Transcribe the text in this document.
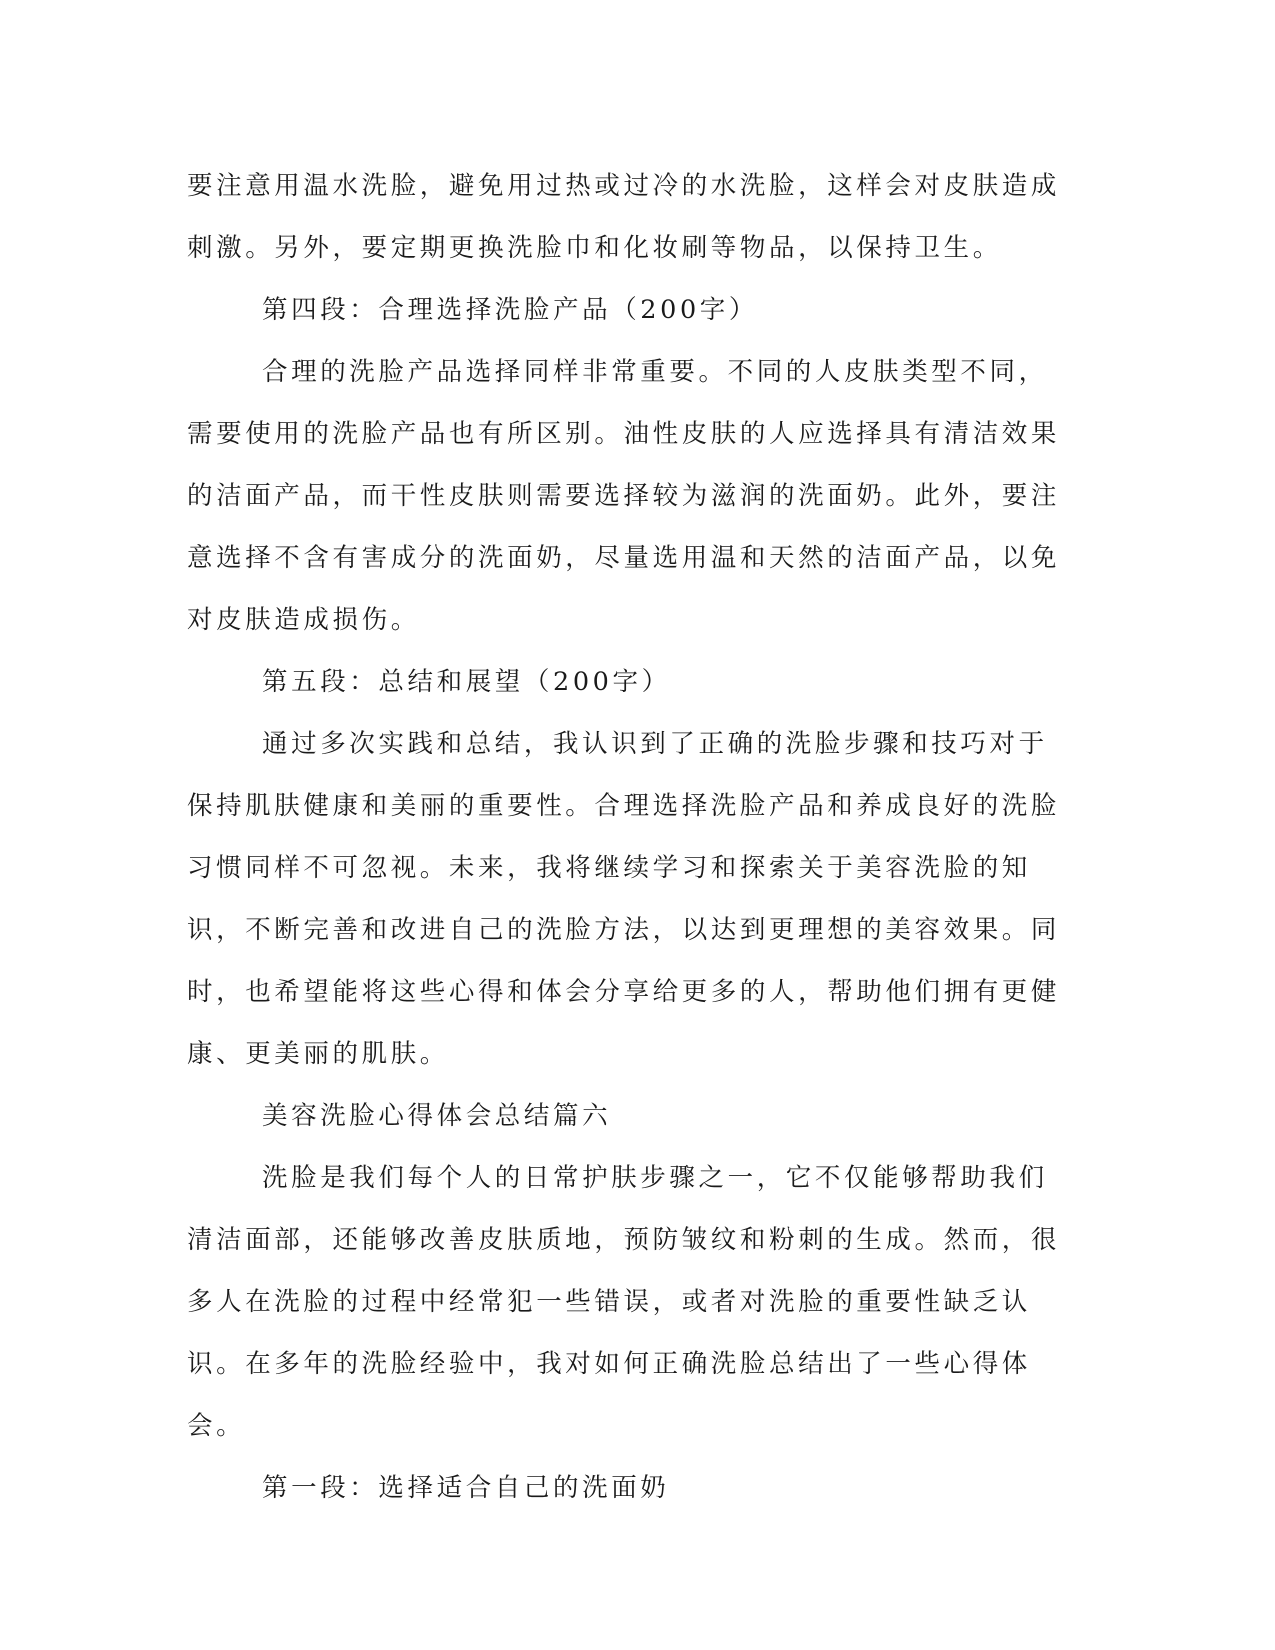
要注意用温水洗脸，避免用过热或过冷的水洗脸，这样会对皮肤造成刺激。另外，要定期更换洗脸巾和化妆刷等物品，以保持卫生。

第四段：合理选择洗脸产品（200字）

合理的洗脸产品选择同样非常重要。不同的人皮肤类型不同，需要使用的洗脸产品也有所区别。油性皮肤的人应选择具有清洁效果的洁面产品，而干性皮肤则需要选择较为滋润的洗面奶。此外，要注意选择不含有害成分的洗面奶，尽量选用温和天然的洁面产品，以免对皮肤造成损伤。

第五段：总结和展望（200字）

通过多次实践和总结，我认识到了正确的洗脸步骤和技巧对于保持肌肤健康和美丽的重要性。合理选择洗脸产品和养成良好的洗脸习惯同样不可忽视。未来，我将继续学习和探索关于美容洗脸的知识，不断完善和改进自己的洗脸方法，以达到更理想的美容效果。同时，也希望能将这些心得和体会分享给更多的人，帮助他们拥有更健康、更美丽的肌肤。

美容洗脸心得体会总结篇六

洗脸是我们每个人的日常护肤步骤之一，它不仅能够帮助我们清洁面部，还能够改善皮肤质地，预防皱纹和粉刺的生成。然而，很多人在洗脸的过程中经常犯一些错误，或者对洗脸的重要性缺乏认识。在多年的洗脸经验中，我对如何正确洗脸总结出了一些心得体会。

第一段：选择适合自己的洗面奶
